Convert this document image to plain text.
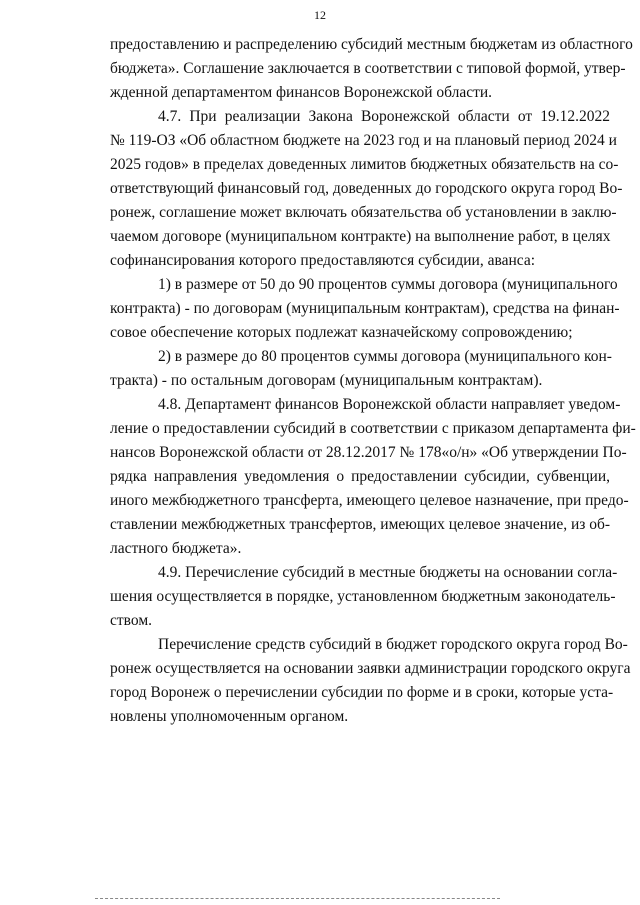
12

предоставлению и распределению субсидий местным бюджетам из областного
бюджета». Соглашение заключается в соответствии с типовой формой, утвер-
жденной департаментом финансов Воронежской области.

4.7. При реализации Закона Воронежской области от 19.12.2022
№ 119-ОЗ «Об областном бюджете на 2023 год и на плановый период 2024 и
2025 годов» в пределах доведенных лимитов бюджетных обязательств на со-
ответствующий финансовый год, доведенных до городского округа город Во-
ронеж, соглашение может включать обязательства об установлении в заклю-
чаемом договоре (муниципальном контракте) на выполнение работ, в целях
софинансирования которого предоставляются субсидии, аванса:

1) в размере от 50 до 90 процентов суммы договора (муниципального
контракта) - по договорам (муниципальным контрактам), средства на финан-
совое обеспечение которых подлежат казначейскому сопровождению;

2) в размере до 80 процентов суммы договора (муниципального кон-
тракта) - по остальным договорам (муниципальным контрактам).

4.8. Департамент финансов Воронежской области направляет уведом-
ление о предоставлении субсидий в соответствии с приказом департамента фи-
нансов Воронежской области от 28.12.2017 № 178«о/н» «Об утверждении По-
рядка направления уведомления о предоставлении субсидии, субвенции,
иного межбюджетного трансферта, имеющего целевое назначение, при предо-
ставлении межбюджетных трансфертов, имеющих целевое значение, из об-
ластного бюджета».

4.9. Перечисление субсидий в местные бюджеты на основании согла-
шения осуществляется в порядке, установленном бюджетным законодатель-
ством.

Перечисление средств субсидий в бюджет городского округа город Во-
ронеж осуществляется на основании заявки администрации городского округа
город Воронеж о перечислении субсидии по форме и в сроки, которые уста-
новлены уполномоченным органом.
